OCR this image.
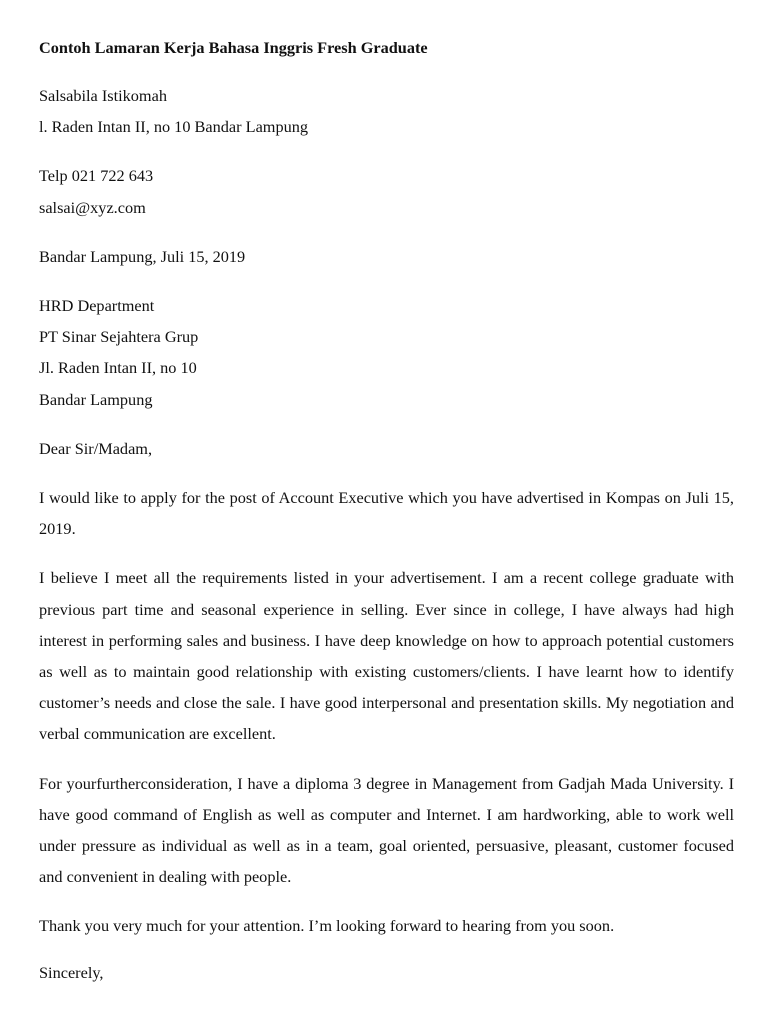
Contoh Lamaran Kerja Bahasa Inggris Fresh Graduate
Salsabila Istikomah
l. Raden Intan II, no 10 Bandar Lampung
Telp 021 722 643
salsai@xyz.com
Bandar Lampung, Juli 15, 2019
HRD Department
PT Sinar Sejahtera Grup
Jl. Raden Intan II, no 10
Bandar Lampung
Dear Sir/Madam,

I would like to apply for the post of Account Executive which you have advertised in Kompas on Juli 15, 2019.

I believe I meet all the requirements listed in your advertisement. I am a recent college graduate with previous part time and seasonal experience in selling. Ever since in college, I have always had high interest in performing sales and business. I have deep knowledge on how to approach potential customers as well as to maintain good relationship with existing customers/clients. I have learnt how to identify customer’s needs and close the sale. I have good interpersonal and presentation skills. My negotiation and verbal communication are excellent.

For yourfurtherconsideration, I have a diploma 3 degree in Management from Gadjah Mada University. I have good command of English as well as computer and Internet. I am hardworking, able to work well under pressure as individual as well as in a team, goal oriented, persuasive, pleasant, customer focused and convenient in dealing with people.

Thank you very much for your attention. I’m looking forward to hearing from you soon.

Sincerely,
